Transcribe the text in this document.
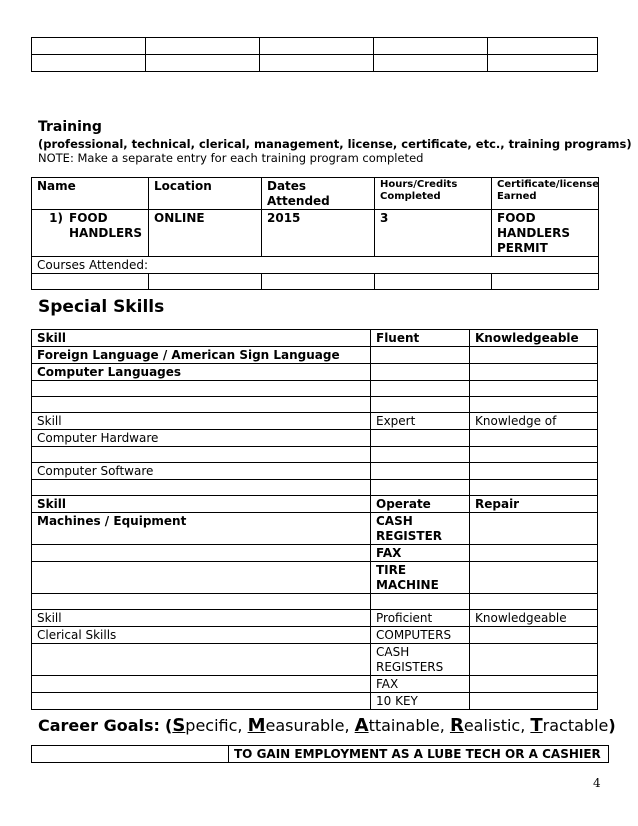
Training
(professional, technical, clerical, management, license, certificate, etc., training programs)
NOTE: Make a separate entry for each training program completed
Name	Location	Dates Attended	Hours/Credits Completed	Certificate/license Earned
1) FOOD HANDLERS	ONLINE	2015	3	FOOD HANDLERS PERMIT
Courses Attended:				

Special Skills
Skill	Fluent	Knowledgeable
Foreign Language / American Sign Language		
Computer Languages		

Skill	Expert	Knowledge of
Computer Hardware		

Computer Software		

Skill	Operate	Repair
Machines / Equipment	CASH REGISTER	
	FAX	
	TIRE MACHINE	

Skill	Proficient	Knowledgeable
Clerical Skills	COMPUTERS	
	CASH REGISTERS	
	FAX	
	10 KEY	
Career Goals: (Specific, Measurable, Attainable, Realistic, Tractable)
	TO GAIN EMPLOYMENT AS A LUBE TECH OR A CASHIER
4
